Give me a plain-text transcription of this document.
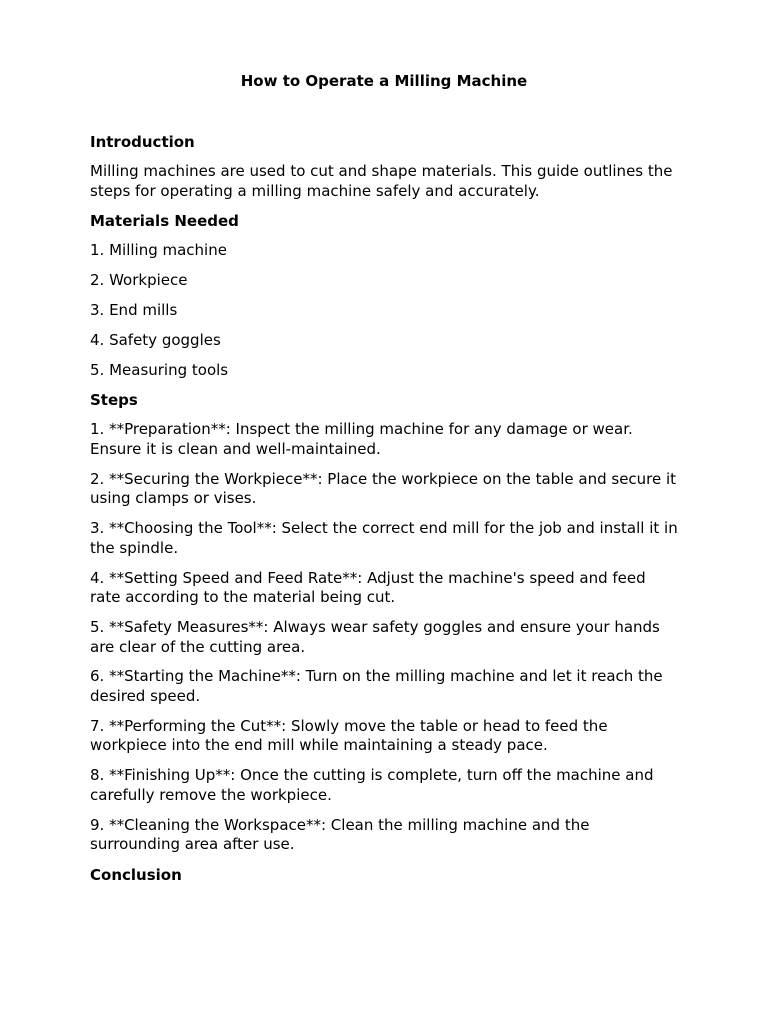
How to Operate a Milling Machine
Introduction

Milling machines are used to cut and shape materials. This guide outlines the steps for operating a milling machine safely and accurately.

Materials Needed
1. Milling machine
2. Workpiece
3. End mills
4. Safety goggles
5. Measuring tools
Steps
1. **Preparation**: Inspect the milling machine for any damage or wear. Ensure it is clean and well-maintained.
2. **Securing the Workpiece**: Place the workpiece on the table and secure it using clamps or vises.
3. **Choosing the Tool**: Select the correct end mill for the job and install it in the spindle.
4. **Setting Speed and Feed Rate**: Adjust the machine's speed and feed rate according to the material being cut.
5. **Safety Measures**: Always wear safety goggles and ensure your hands are clear of the cutting area.
6. **Starting the Machine**: Turn on the milling machine and let it reach the desired speed.
7. **Performing the Cut**: Slowly move the table or head to feed the workpiece into the end mill while maintaining a steady pace.
8. **Finishing Up**: Once the cutting is complete, turn off the machine and carefully remove the workpiece.
9. **Cleaning the Workspace**: Clean the milling machine and the surrounding area after use.
Conclusion
